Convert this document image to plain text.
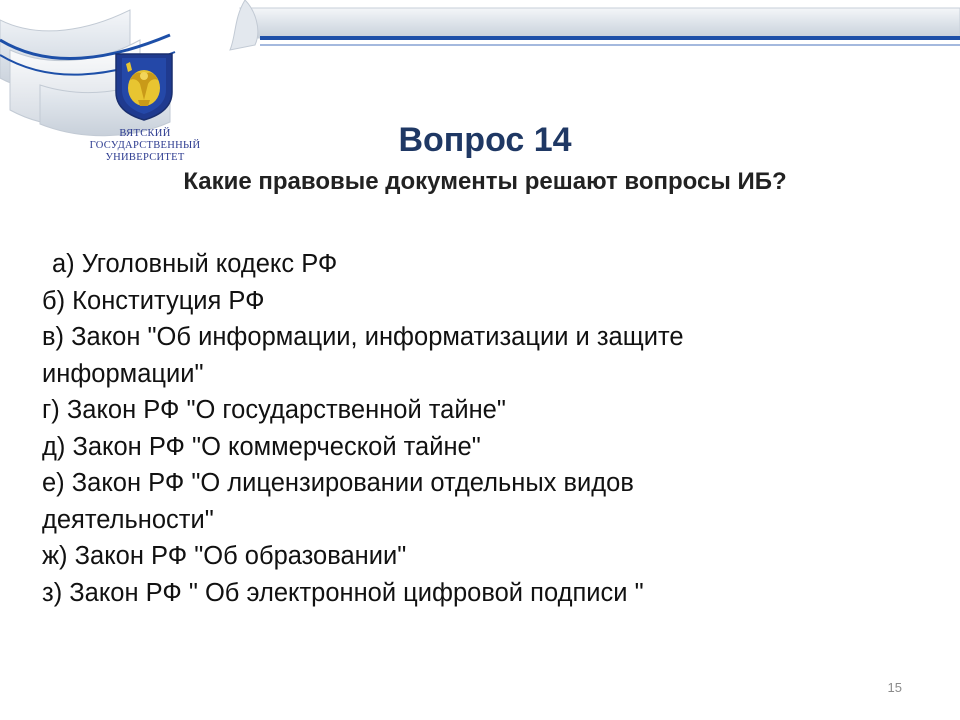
ВЯТСКИЙ
ГОСУДАРСТВЕННЫЙ
УНИВЕРСИТЕТ	Вопрос 14
Какие правовые документы решают вопросы ИБ?
а) Уголовный кодекс РФ
б) Конституция РФ
в) Закон "Об информации, информатизации и защите
информации"
г) Закон РФ "О государственной тайне"
д) Закон РФ "О коммерческой тайне"
е) Закон РФ "О лицензировании отдельных видов
деятельности"
ж) Закон РФ "Об образовании"
з) Закон РФ " Об электронной цифровой подписи "
15
